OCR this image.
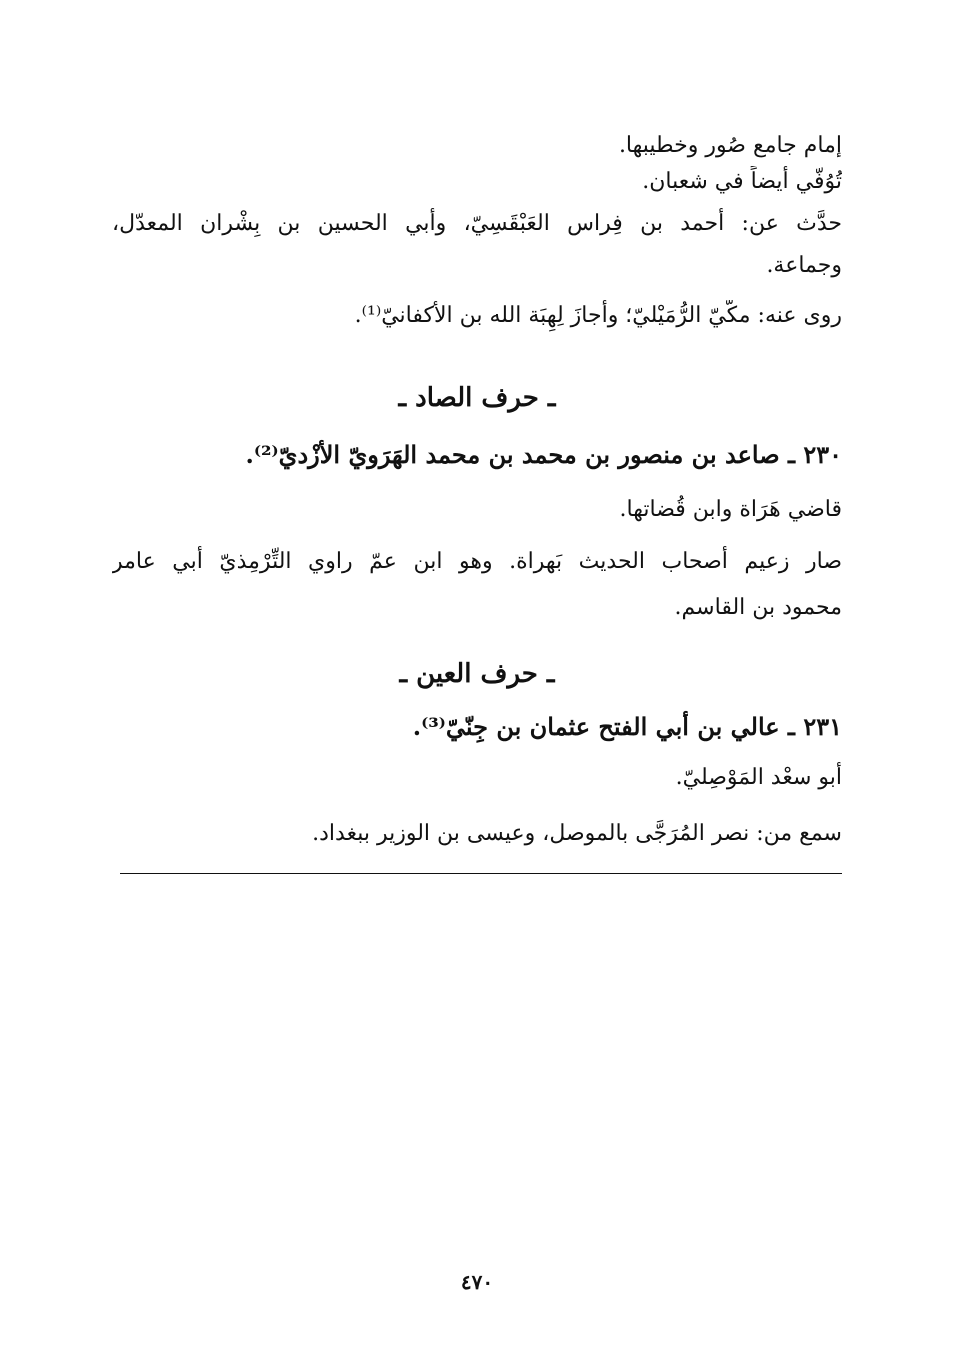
إمام جامع صُور وخطيبها.
تُوُفّي أيضاً في شعبان.
حدَّث عن: أحمد بن فِراس العَبْقَسِيّ، وأبي الحسين بن بِشْران المعدّل،
وجماعة.
روى عنه: مكّيّ الرُّمَيْليّ؛ وأجازَ لِهِبَة الله بن الأكفانيّ⁽¹⁾.
ـ حرف الصاد ـ
٢٣٠ ـ صاعد بن منصور بن محمد بن محمد الهَرَويّ الأزْديّ⁽²⁾.
قاضي هَرَاة وابن قُضاتها.
صار زعيم أصحاب الحديث بَهراة. وهو ابن عمّ راوي التِّرْمِذيّ أبي عامر
محمود بن القاسم.
ـ حرف العين ـ
٢٣١ ـ عالي بن أبي الفتح عثمان بن جِنّيّ⁽³⁾.
أبو سعْد المَوْصِليّ.
سمع من: نصر المُرَجَّى بالموصل، وعيسى بن الوزير ببغداد.
٤٧٠
